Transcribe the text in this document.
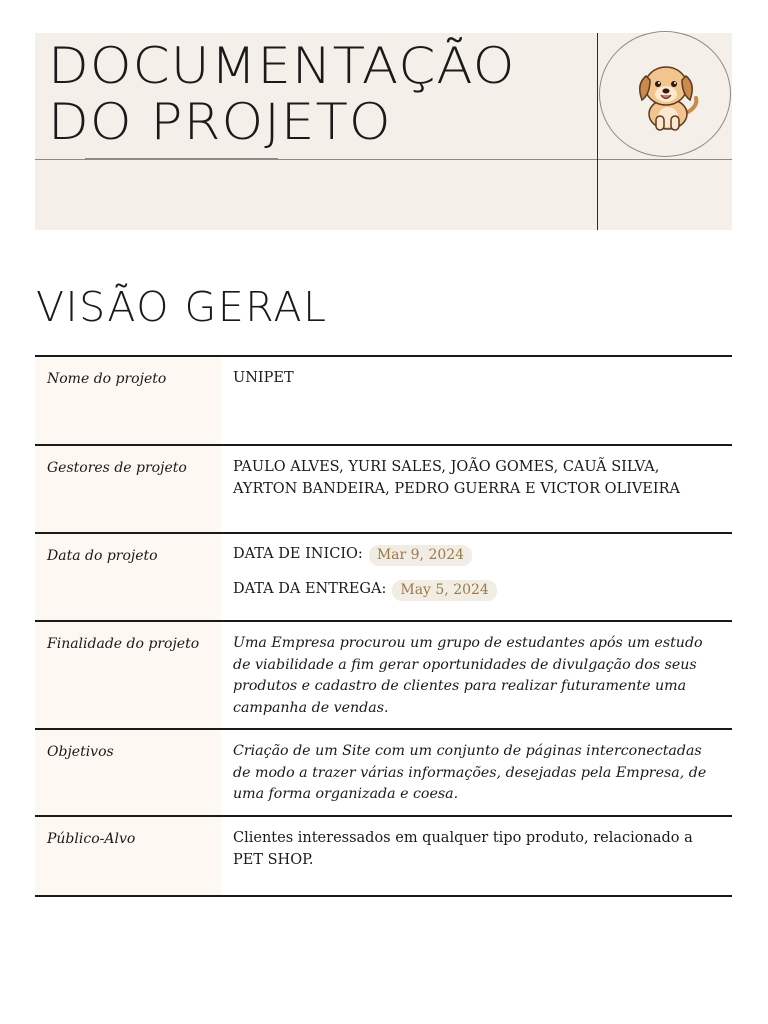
DOCUMENTAÇÃO
DO PROJETO
VISÃO GERAL
Nome do projeto	UNIPET
Gestores de projeto	PAULO ALVES, YURI SALES, JOÃO GOMES, CAUÃ SILVA, AYRTON BANDEIRA, PEDRO GUERRA E VICTOR OLIVEIRA
Data do projeto	DATA DE INICIO:	Mar 9, 2024
DATA DA ENTREGA:	May 5, 2024
Finalidade do projeto	Uma Empresa procurou um grupo de estudantes após um estudo de viabilidade a fim gerar oportunidades de divulgação dos seus produtos e cadastro de clientes para realizar futuramente uma campanha de vendas.
Objetivos	Criação de um Site com um conjunto de páginas interconectadas de modo a trazer várias informações, desejadas pela Empresa, de uma forma organizada e coesa.
Público-Alvo	Clientes interessados em qualquer tipo produto, relacionado a PET SHOP.
